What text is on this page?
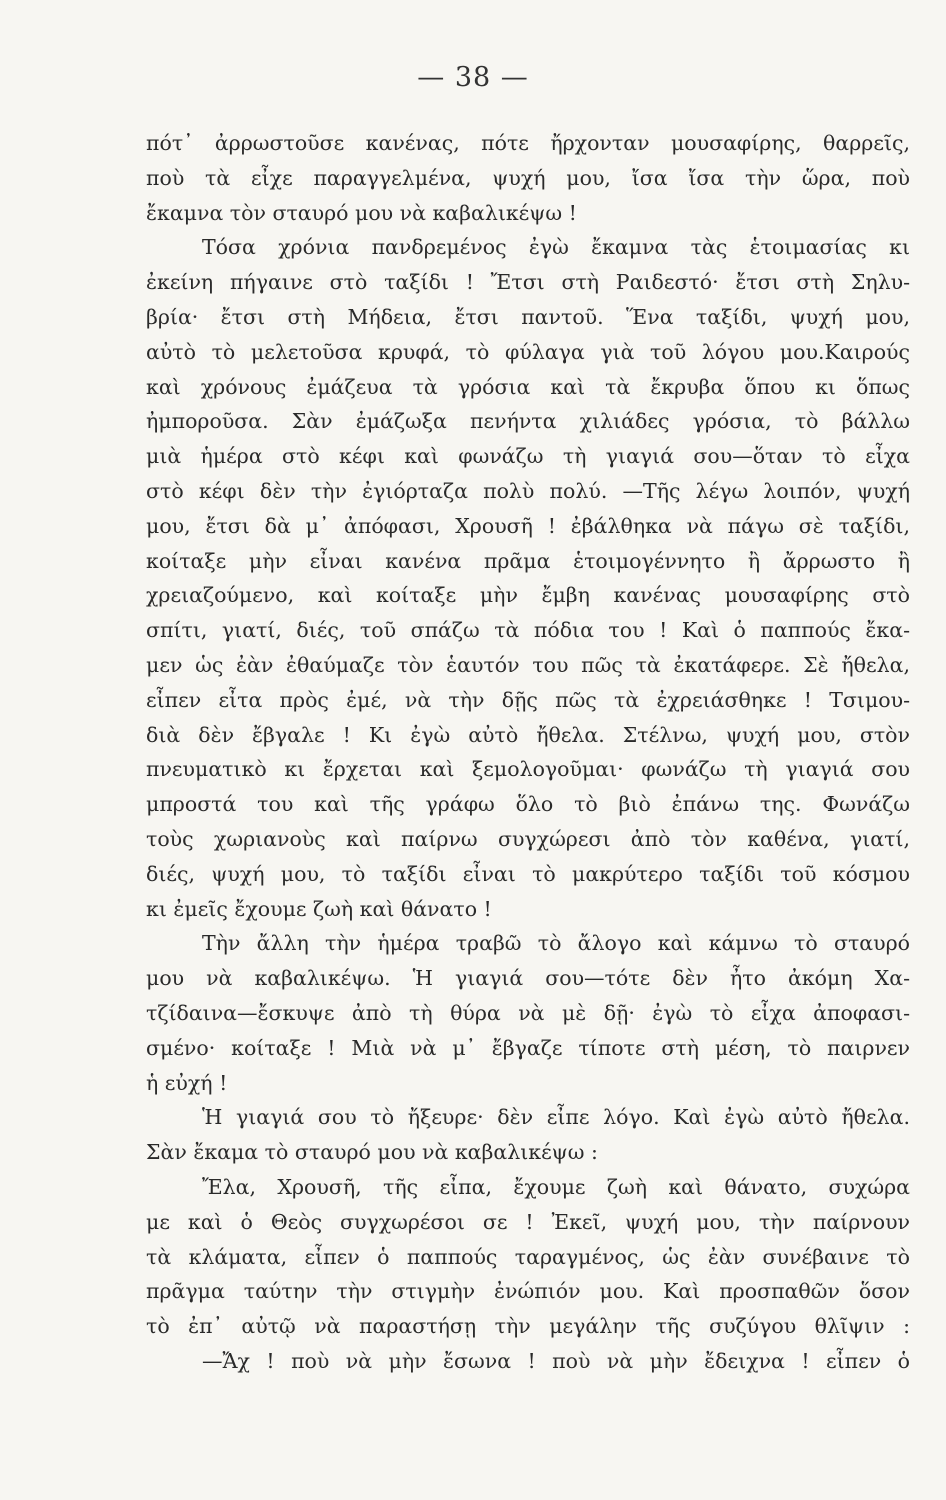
— 38 —
πότ᾽ ἀρρωστοῦσε κανένας, πότε ἤρχονταν μουσαφίρης, θαρρεῖς,
ποὺ τὰ εἶχε παραγγελμένα, ψυχή μου, ἴσα ἴσα τὴν ὥρα, ποὺ
ἔκαμνα τὸν σταυρό μου νὰ καβαλικέψω !
Τόσα χρόνια πανδρεμένος ἐγὼ ἔκαμνα τὰς ἑτοιμασίας κι
ἐκείνη πήγαινε στὸ ταξίδι ! Ἔτσι στὴ Ραιδεστό· ἔτσι στὴ Σηλυ-
βρία· ἔτσι στὴ Μήδεια, ἔτσι παντοῦ. Ἕνα ταξίδι, ψυχή μου,
αὐτὸ τὸ μελετοῦσα κρυφά, τὸ φύλαγα γιὰ τοῦ λόγου μου.Καιρούς
καὶ χρόνους ἐμάζευα τὰ γρόσια καὶ τὰ ἔκρυβα ὅπου κι ὅπως
ἠμποροῦσα. Σὰν ἐμάζωξα πενήντα χιλιάδες γρόσια, τὸ βάλλω
μιὰ ἡμέρα στὸ κέφι καὶ φωνάζω τὴ γιαγιά σου—ὅταν τὸ εἶχα
στὸ κέφι δὲν τὴν ἐγιόρταζα πολὺ πολύ. —Τῆς λέγω λοιπόν, ψυχή
μου, ἔτσι δὰ μ᾽ ἀπόφασι, Χρουσῆ ! ἐβάλθηκα νὰ πάγω σὲ ταξίδι,
κοίταξε μὴν εἶναι κανένα πρᾶμα ἑτοιμογέννητο ἢ ἄρρωστο ἢ
χρειαζούμενο, καὶ κοίταξε μὴν ἔμβη κανένας μουσαφίρης στὸ
σπίτι, γιατί, διές, τοῦ σπάζω τὰ πόδια του ! Καὶ ὁ παππούς ἔκα-
μεν ὡς ἐὰν ἐθαύμαζε τὸν ἑαυτόν του πῶς τὰ ἐκατάφερε. Σὲ ἤθελα,
εἶπεν εἶτα πρὸς ἐμέ, νὰ τὴν δῇς πῶς τὰ ἐχρειάσθηκε ! Τσιμου-
διὰ δὲν ἔβγαλε ! Κι ἐγὼ αὐτὸ ἤθελα. Στέλνω, ψυχή μου, στὸν
πνευματικὸ κι ἔρχεται καὶ ξεμολογοῦμαι· φωνάζω τὴ γιαγιά σου
μπροστά του καὶ τῆς γράφω ὅλο τὸ βιὸ ἐπάνω της. Φωνάζω
τοὺς χωριανοὺς καὶ παίρνω συγχώρεσι ἀπὸ τὸν καθένα, γιατί,
διές, ψυχή μου, τὸ ταξίδι εἶναι τὸ μακρύτερο ταξίδι τοῦ κόσμου
κι ἐμεῖς ἔχουμε ζωὴ καὶ θάνατο !
Τὴν ἄλλη τὴν ἡμέρα τραβῶ τὸ ἄλογο καὶ κάμνω τὸ σταυρό
μου νὰ καβαλικέψω. Ἡ γιαγιά σου—τότε δὲν ἦτο ἀκόμη Χα-
τζίδαινα—ἔσκυψε ἀπὸ τὴ θύρα νὰ μὲ δῇ· ἐγὼ τὸ εἶχα ἀποφασι-
σμένο· κοίταξε ! Μιὰ νὰ μ᾽ ἔβγαζε τίποτε στὴ μέση, τὸ παιρνεν
ἡ εὐχή !
Ἡ γιαγιά σου τὸ ἤξευρε· δὲν εἶπε λόγο. Καὶ ἐγὼ αὐτὸ ἤθελα.
Σὰν ἔκαμα τὸ σταυρό μου νὰ καβαλικέψω :
Ἔλα, Χρουσῆ, τῆς εἶπα, ἔχουμε ζωὴ καὶ θάνατο, συχώρα
με καὶ ὁ Θεὸς συγχωρέσοι σε ! Ἐκεῖ, ψυχή μου, τὴν παίρνουν
τὰ κλάματα, εἶπεν ὁ παππούς ταραγμένος, ὡς ἐὰν συνέβαινε τὸ
πρᾶγμα ταύτην τὴν στιγμὴν ἐνώπιόν μου. Καὶ προσπαθῶν ὅσον
τὸ ἐπ᾽ αὐτῷ νὰ παραστήσῃ τὴν μεγάλην τῆς συζύγου θλῖψιν :
—Ἄχ ! ποὺ νὰ μὴν ἔσωνα ! ποὺ νὰ μὴν ἔδειχνα ! εἶπεν ὁ
